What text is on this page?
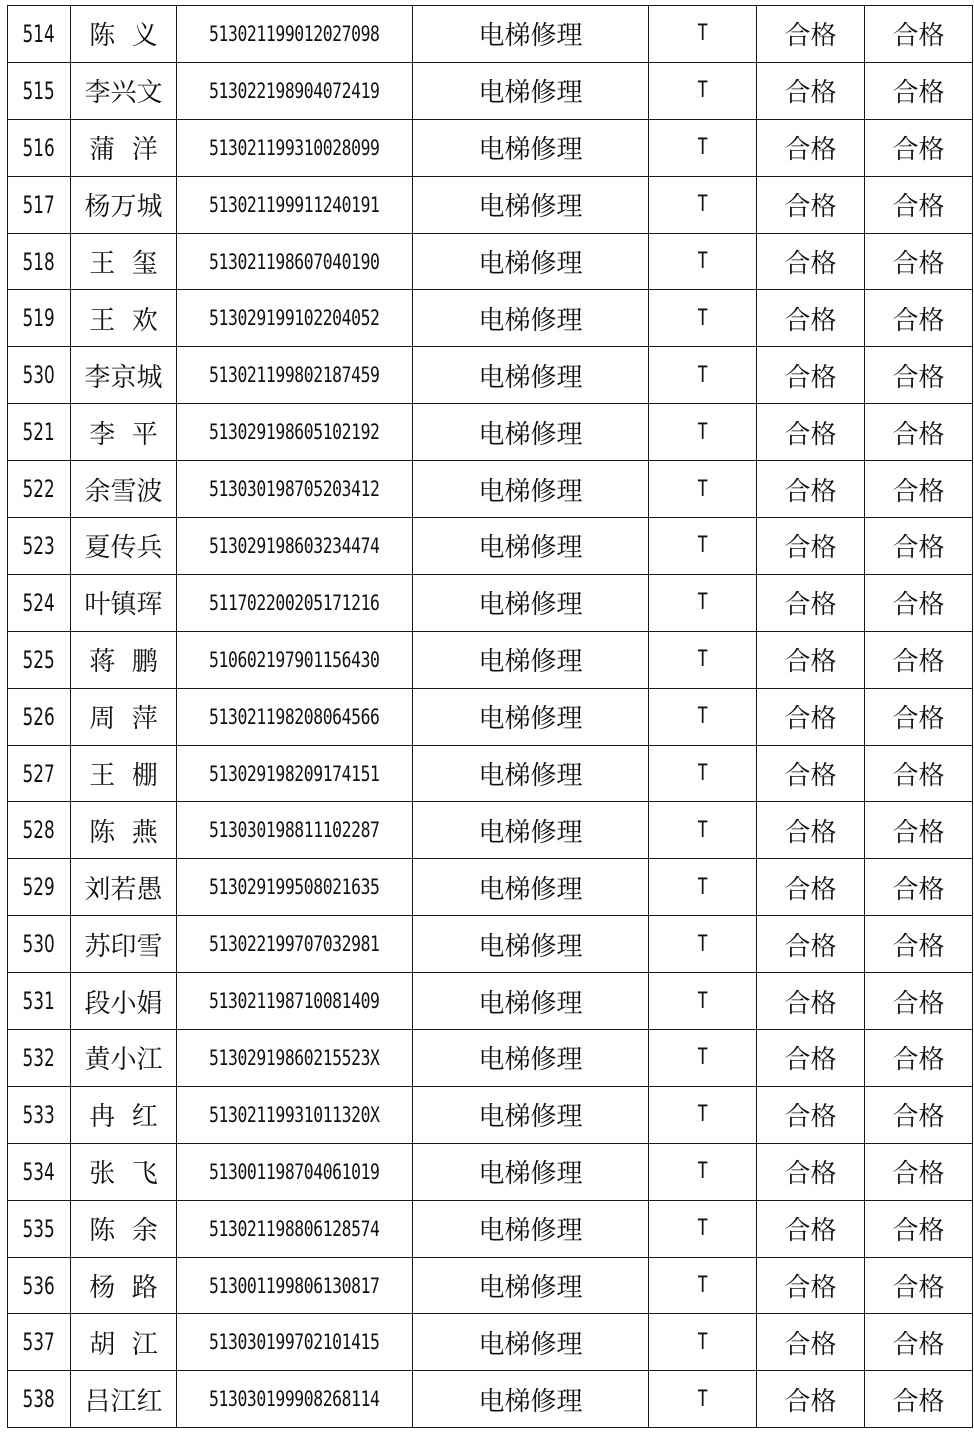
514	陈  义	513021199012027098	电梯修理	T	合格	合格
515	李兴文	513022198904072419	电梯修理	T	合格	合格
516	蒲  洋	513021199310028099	电梯修理	T	合格	合格
517	杨万城	513021199911240191	电梯修理	T	合格	合格
518	王  玺	513021198607040190	电梯修理	T	合格	合格
519	王  欢	513029199102204052	电梯修理	T	合格	合格
530	李京城	513021199802187459	电梯修理	T	合格	合格
521	李  平	513029198605102192	电梯修理	T	合格	合格
522	余雪波	513030198705203412	电梯修理	T	合格	合格
523	夏传兵	513029198603234474	电梯修理	T	合格	合格
524	叶镇珲	511702200205171216	电梯修理	T	合格	合格
525	蒋  鹏	510602197901156430	电梯修理	T	合格	合格
526	周  萍	513021198208064566	电梯修理	T	合格	合格
527	王  棚	513029198209174151	电梯修理	T	合格	合格
528	陈  燕	513030198811102287	电梯修理	T	合格	合格
529	刘若愚	513029199508021635	电梯修理	T	合格	合格
530	苏印雪	513022199707032981	电梯修理	T	合格	合格
531	段小娟	513021198710081409	电梯修理	T	合格	合格
532	黄小江	51302919860215523X	电梯修理	T	合格	合格
533	冉  红	51302119931011320X	电梯修理	T	合格	合格
534	张  飞	513001198704061019	电梯修理	T	合格	合格
535	陈  余	513021198806128574	电梯修理	T	合格	合格
536	杨  路	513001199806130817	电梯修理	T	合格	合格
537	胡  江	513030199702101415	电梯修理	T	合格	合格
538	吕江红	513030199908268114	电梯修理	T	合格	合格
